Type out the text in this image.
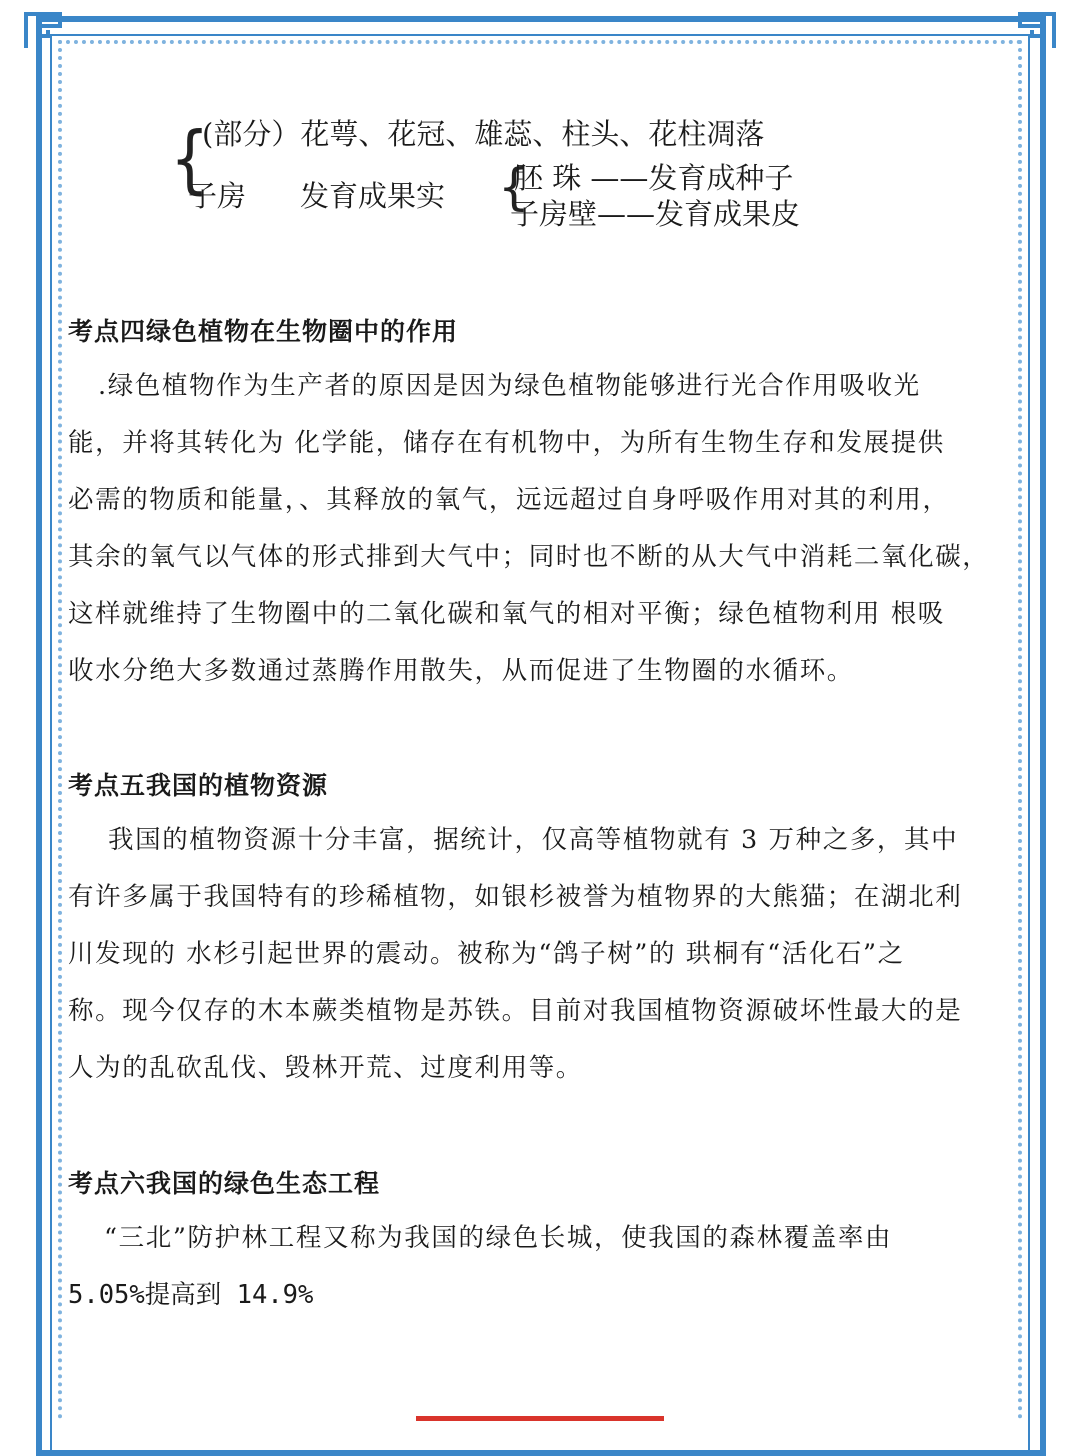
{
(部分）花萼、花冠、雄蕊、柱头、花柱凋落
子房 发育成果实 {
胚 珠 ——发育成种子
子房壁——发育成果皮
考点四绿色植物在生物圈中的作用
.绿色植物作为生产者的原因是因为绿色植物能够进行光合作用吸收光
能，并将其转化为 化学能，储存在有机物中，为所有生物生存和发展提供
必需的物质和能量，、其释放的氧气，远远超过自身呼吸作用对其的利用，
其余的氧气以气体的形式排到大气中；同时也不断的从大气中消耗二氧化碳，
这样就维持了生物圈中的二氧化碳和氧气的相对平衡；绿色植物利用 根吸
收水分绝大多数通过蒸腾作用散失，从而促进了生物圈的水循环。
考点五我国的植物资源
我国的植物资源十分丰富，据统计，仅高等植物就有 3 万种之多，其中
有许多属于我国特有的珍稀植物，如银杉被誉为植物界的大熊猫；在湖北利
川发现的 水杉引起世界的震动。被称为“鸽子树”的 珙桐有“活化石”之
称。现今仅存的木本蕨类植物是苏铁。目前对我国植物资源破坏性最大的是
人为的乱砍乱伐、毁林开荒、过度利用等。
考点六我国的绿色生态工程
“三北”防护林工程又称为我国的绿色长城，使我国的森林覆盖率由
5.05%提高到 14.9%
